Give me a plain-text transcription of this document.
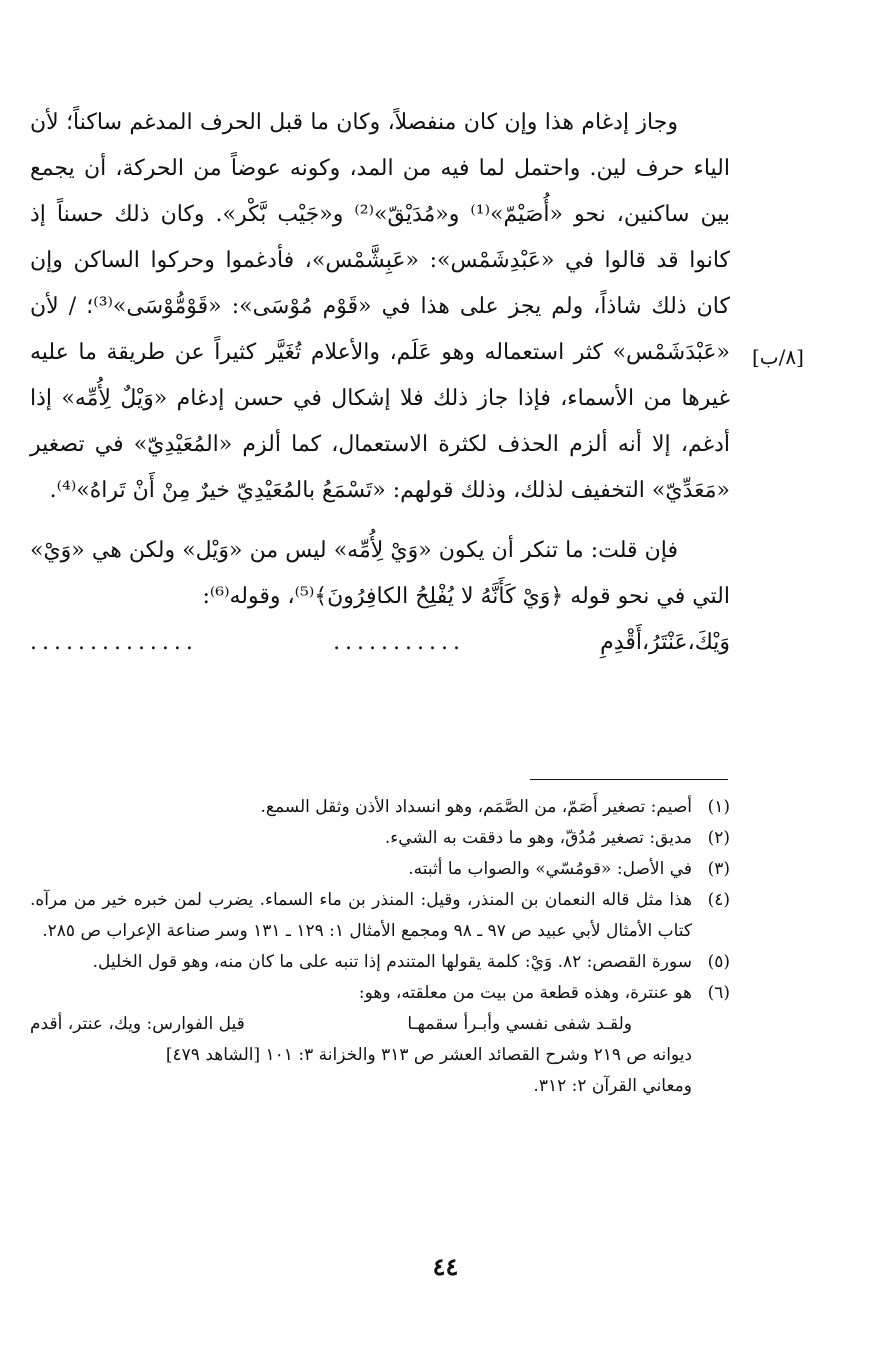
وجاز إدغام هذا وإن كان منفصلاً، وكان ما قبل الحرف المدغم ساكناً؛ لأن الياء حرف لين. واحتمل لما فيه من المد، وكونه عوضاً من الحركة، أن يجمع بين ساكنين، نحو «أُصَيْمّ»⁽¹⁾ و«مُدَيْقّ»⁽²⁾ و«جَيْب بَّكْر». وكان ذلك حسناً إذ كانوا قد قالوا في «عَبْدِشَمْس»: «عَبِشَّمْس»، فأدغموا وحركوا الساكن وإن كان ذلك شاذاً، ولم يجز على هذا في «قَوْم مُوْسَى»: «قَوْمُّوْسَى»⁽³⁾؛ / لأن «عَبْدَشَمْس» كثر استعماله وهو عَلَم، والأعلام تُغَيَّر كثيراً عن طريقة ما عليه غيرها من الأسماء، فإذا جاز ذلك فلا إشكال في حسن إدغام «وَيْلٌ لِأُمِّه» إذا أدغم، إلا أنه ألزم الحذف لكثرة الاستعمال، كما ألزم «المُعَيْدِيّ» في تصغير «مَعَدِّيّ» التخفيف لذلك، وذلك قولهم: «تَسْمَعُ بالمُعَيْدِيّ خيرٌ مِنْ أَنْ تَراهُ»⁽⁴⁾.

فإن قلت: ما تنكر أن يكون «وَيْ لِأُمِّه» ليس من «وَيْل» ولكن هي «وَيْ» التي في نحو قوله ﴿وَيْ كَأَنَّهُ لا يُفْلِحُ الكافِرُونَ﴾⁽⁵⁾، وقوله⁽⁶⁾:

وَيْكَ،عَنْتَرُ،أَقْدِمِ
...........
..............
[٨/ب]
(١)
أصيم: تصغير أَصَمّ، من الصَّمَم، وهو انسداد الأذن وثقل السمع.
(٢)
مديق: تصغير مُدُقّ، وهو ما دققت به الشيء.
(٣)
في الأصل: «قومُسّي» والصواب ما أثبته.
(٤)
هذا مثل قاله النعمان بن المنذر، وقيل: المنذر بن ماء السماء. يضرب لمن خبره خير من مرآه. كتاب الأمثال لأبي عبيد ص ٩٧ ـ ٩٨ ومجمع الأمثال ١: ١٢٩ ـ ١٣١ وسر صناعة الإعراب ص ٢٨٥.
(٥)
سورة القصص: ٨٢. وَيْ: كلمة يقولها المتندم إذا تنبه على ما كان منه، وهو قول الخليل.
(٦)
هو عنترة، وهذه قطعة من بيت من معلقته، وهو:
ولقـد شفى نفسي وأبـرأ سقمهـا
قيل الفوارس: ويك، عنتر، أقدم
ديوانه ص ٢١٩ وشرح القصائد العشر ص ٣١٣ والخزانة ٣: ١٠١ [الشاهد ٤٧٩]
ومعاني القرآن ٢: ٣١٢.
٤٤
